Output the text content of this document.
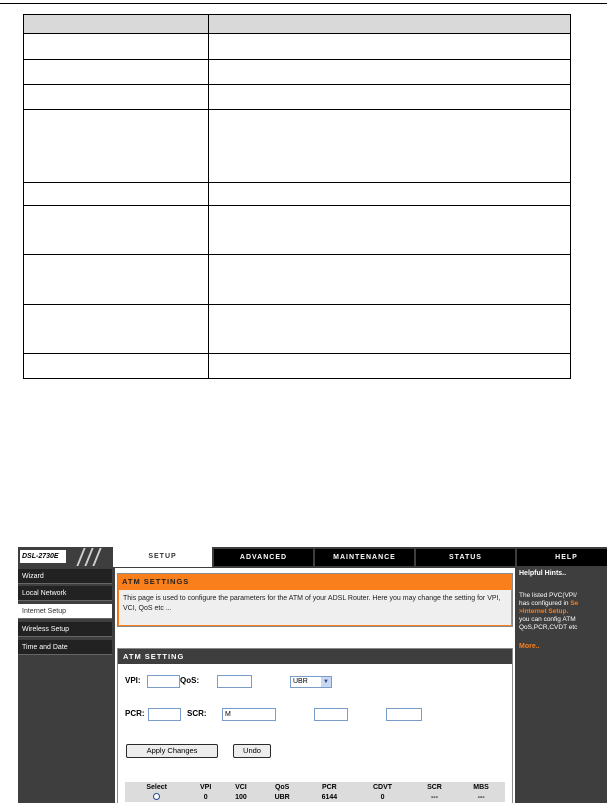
DSL-2730E	SETUP	ADVANCED	MAINTENANCE	STATUS	HELP
Wizard
Local Network
Internet Setup
Wireless Setup
Time and Date
ATM SETTINGS
This page is used to configure the parameters for the ATM of your ADSL Router. Here you may change the setting for VPI, VCI, QoS etc ...
ATM SETTING
VPI:	QoS:	UBR	▼
PCR:	SCR:	M
Apply Changes	Undo
Select	VPI	VCI	QoS	PCR	CDVT	SCR	MBS
	0	100	UBR	6144	0	---	---
Helpful Hints..
The listed PVC(VPI/
has configured in Se
>Internet Setup.
you can config ATM
QoS,PCR,CVDT etc
More..
